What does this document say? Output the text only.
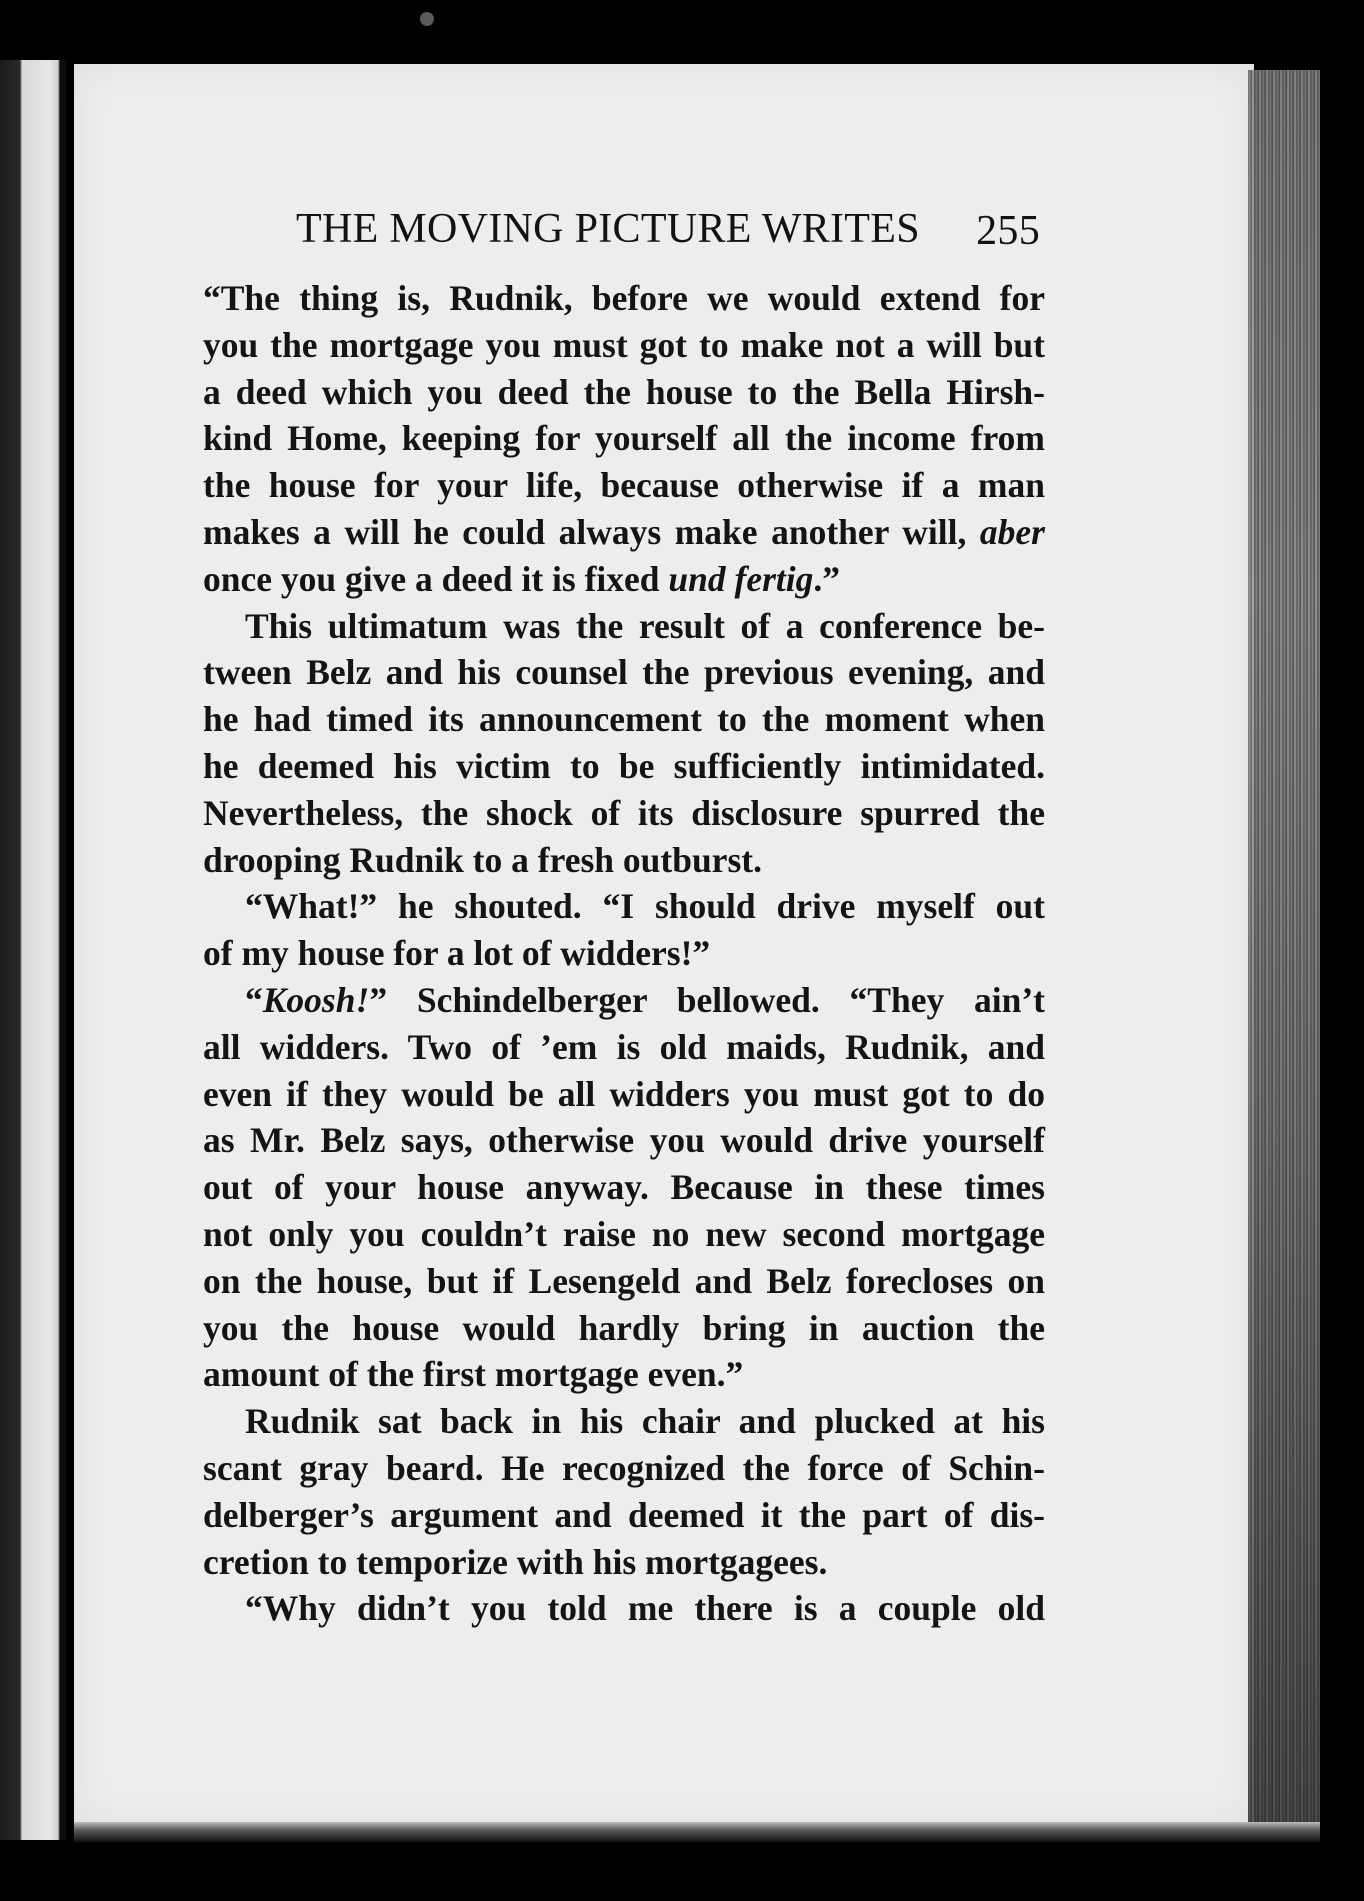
THE MOVING PICTURE WRITES 255
“The thing is, Rudnik, before we would extend for
you the mortgage you must got to make not a will but
a deed which you deed the house to the Bella Hirsh-
kind Home, keeping for yourself all the income from
the house for your life, because otherwise if a man
makes a will he could always make another will, aber
once you give a deed it is fixed und fertig.”
This ultimatum was the result of a conference be-
tween Belz and his counsel the previous evening, and
he had timed its announcement to the moment when
he deemed his victim to be sufficiently intimidated.
Nevertheless, the shock of its disclosure spurred the
drooping Rudnik to a fresh outburst.
“What!” he shouted. “I should drive myself out
of my house for a lot of widders!”
“Koosh!” Schindelberger bellowed. “They ain’t
all widders. Two of ’em is old maids, Rudnik, and
even if they would be all widders you must got to do
as Mr. Belz says, otherwise you would drive yourself
out of your house anyway. Because in these times
not only you couldn’t raise no new second mortgage
on the house, but if Lesengeld and Belz forecloses on
you the house would hardly bring in auction the
amount of the first mortgage even.”
Rudnik sat back in his chair and plucked at his
scant gray beard. He recognized the force of Schin-
delberger’s argument and deemed it the part of dis-
cretion to temporize with his mortgagees.
“Why didn’t you told me there is a couple old
